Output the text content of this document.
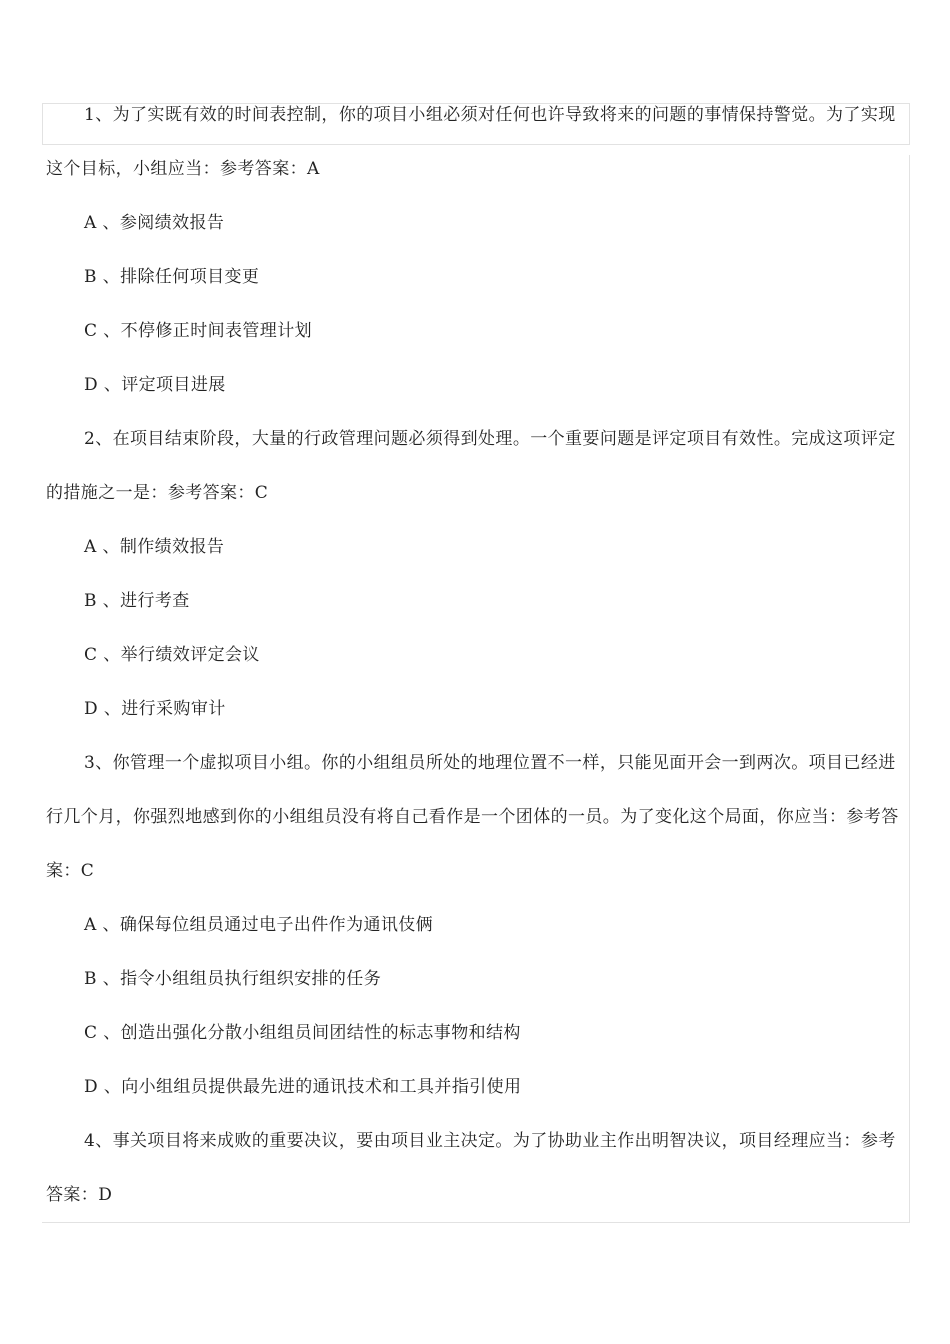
1、为了实既有效的时间表控制，你的项目小组必须对任何也许导致将来的问题的事情保持警觉。为了实现这个目标，小组应当：参考答案：A

A 、参阅绩效报告

B 、排除任何项目变更

C 、不停修正时间表管理计划

D 、评定项目进展

2、在项目结束阶段，大量的行政管理问题必须得到处理。一个重要问题是评定项目有效性。完成这项评定的措施之一是：参考答案：C

A 、制作绩效报告

B 、进行考查

C 、举行绩效评定会议

D 、进行采购审计

3、你管理一个虚拟项目小组。你的小组组员所处的地理位置不一样，只能见面开会一到两次。项目已经进行几个月，你强烈地感到你的小组组员没有将自己看作是一个团体的一员。为了变化这个局面，你应当：参考答案：C

A 、确保每位组员通过电子出件作为通讯伎俩

B 、指令小组组员执行组织安排的任务

C 、创造出强化分散小组组员间团结性的标志事物和结构

D 、向小组组员提供最先进的通讯技术和工具并指引使用

4、事关项目将来成败的重要决议，要由项目业主决定。为了协助业主作出明智决议，项目经理应当：参考答案：D
